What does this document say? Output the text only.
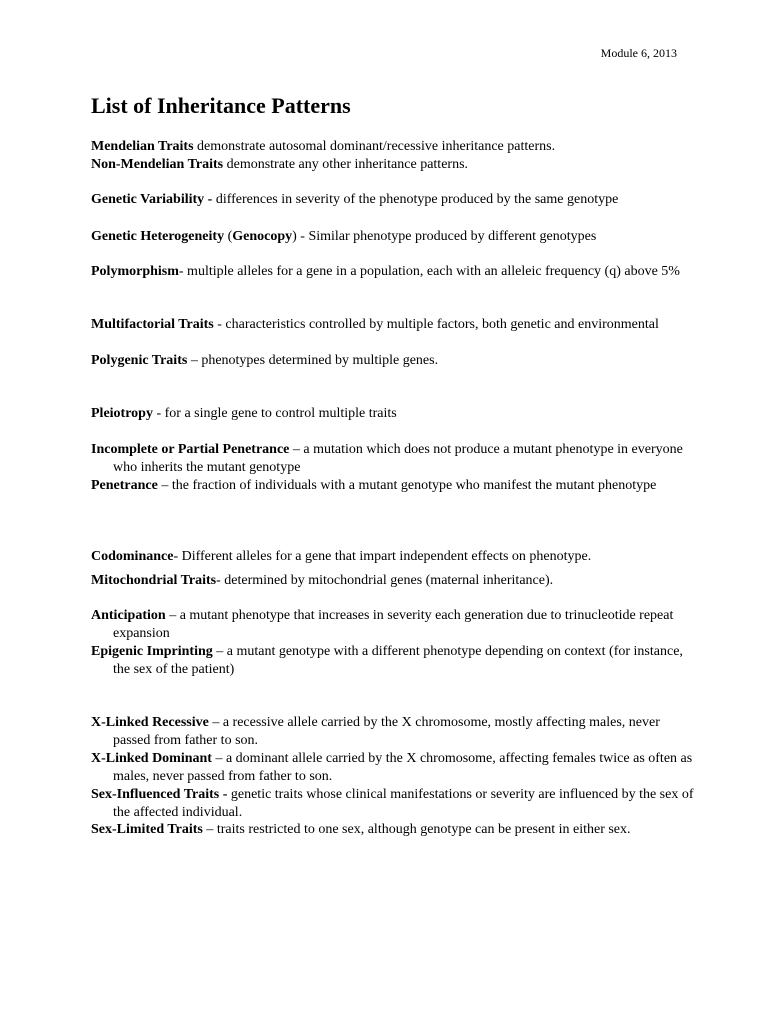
Module 6, 2013
List of Inheritance Patterns
Mendelian Traits demonstrate autosomal dominant/recessive inheritance patterns.
Non-Mendelian Traits demonstrate any other inheritance patterns.
Genetic Variability - differences in severity of the phenotype produced by the same genotype
Genetic Heterogeneity (Genocopy) - Similar phenotype produced by different genotypes
Polymorphism- multiple alleles for a gene in a population, each with an alleleic frequency (q) above 5%
Multifactorial Traits - characteristics controlled by multiple factors, both genetic and environmental
Polygenic Traits – phenotypes determined by multiple genes.
Pleiotropy - for a single gene to control multiple traits
Incomplete or Partial Penetrance – a mutation which does not produce a mutant phenotype in everyone who inherits the mutant genotype
Penetrance – the fraction of individuals with a mutant genotype who manifest the mutant phenotype
Codominance- Different alleles for a gene that impart independent effects on phenotype.
Mitochondrial Traits- determined by mitochondrial genes (maternal inheritance).
Anticipation – a mutant phenotype that increases in severity each generation due to trinucleotide repeat expansion
Epigenic Imprinting – a mutant genotype with a different phenotype depending on context (for instance, the sex of the patient)
X-Linked Recessive – a recessive allele carried by the X chromosome, mostly affecting males, never passed from father to son.
X-Linked Dominant – a dominant allele carried by the X chromosome, affecting females twice as often as males, never passed from father to son.
Sex-Influenced Traits - genetic traits whose clinical manifestations or severity are influenced by the sex of the affected individual.
Sex-Limited Traits – traits restricted to one sex, although genotype can be present in either sex.
